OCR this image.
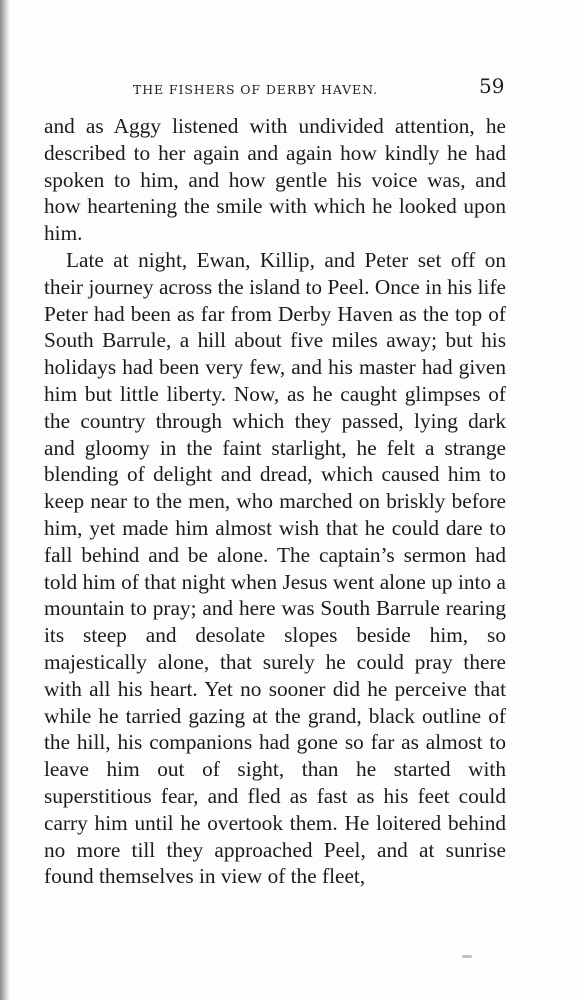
THE FISHERS OF DERBY HAVEN.	59

and as Aggy listened with undivided attention, he described to her again and again how kindly he had spoken to him, and how gentle his voice was, and how heartening the smile with which he looked upon him.

Late at night, Ewan, Killip, and Peter set off on their journey across the island to Peel. Once in his life Peter had been as far from Derby Haven as the top of South Barrule, a hill about five miles away; but his holidays had been very few, and his master had given him but little liberty. Now, as he caught glimpses of the country through which they passed, lying dark and gloomy in the faint starlight, he felt a strange blending of delight and dread, which caused him to keep near to the men, who marched on briskly before him, yet made him almost wish that he could dare to fall behind and be alone. The captain’s sermon had told him of that night when Jesus went alone up into a mountain to pray; and here was South Barrule rearing its steep and desolate slopes beside him, so majestically alone, that surely he could pray there with all his heart. Yet no sooner did he perceive that while he tarried gazing at the grand, black outline of the hill, his companions had gone so far as almost to leave him out of sight, than he started with superstitious fear, and fled as fast as his feet could carry him until he overtook them. He loitered behind no more till they approached Peel, and at sunrise found themselves in view of the fleet,
